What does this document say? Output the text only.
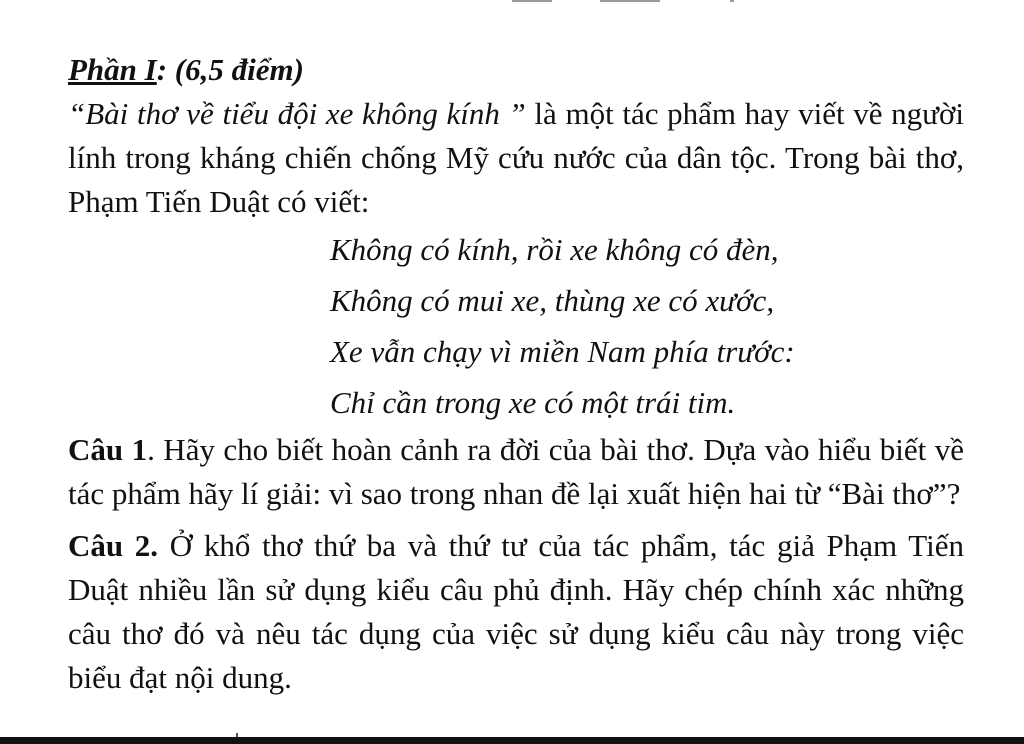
Phần I: (6,5 điểm)

“Bài thơ về tiểu đội xe không kính ” là một tác phẩm hay viết về người lính trong kháng chiến chống Mỹ cứu nước của dân tộc. Trong bài thơ, Phạm Tiến Duật có viết:

Không có kính, rồi xe không có đèn,
Không có mui xe, thùng xe có xước,
Xe vẫn chạy vì miền Nam phía trước:
Chỉ cần trong xe có một trái tim.

Câu 1. Hãy cho biết hoàn cảnh ra đời của bài thơ. Dựa vào hiểu biết về tác phẩm hãy lí giải: vì sao trong nhan đề lại xuất hiện hai từ “Bài thơ”?

Câu 2. Ở khổ thơ thứ ba và thứ tư của tác phẩm, tác giả Phạm Tiến Duật nhiều lần sử dụng kiểu câu phủ định. Hãy chép chính xác những câu thơ đó và nêu tác dụng của việc sử dụng kiểu câu này trong việc biểu đạt nội dung.
